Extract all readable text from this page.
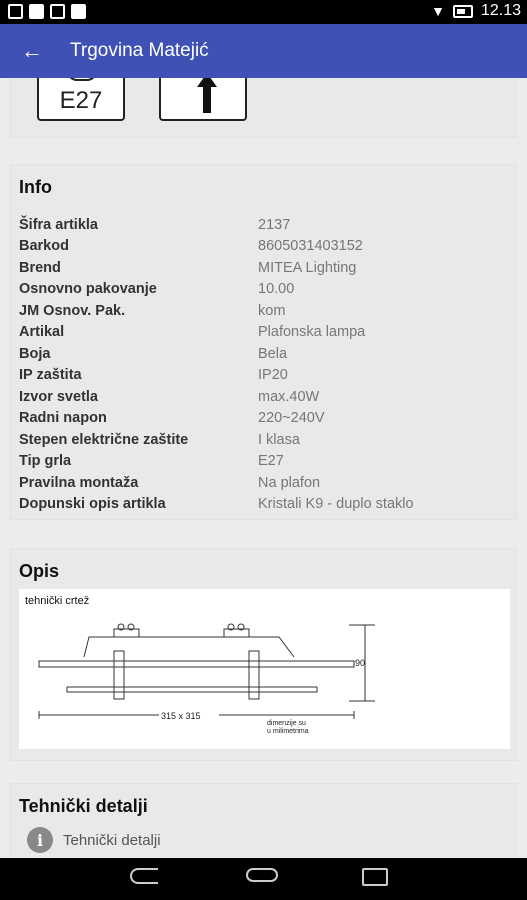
▼ 12.13
← Trgovina Matejić
E27
Info
Šifra artikla	2137
Barkod	8605031403152
Brend	MITEA Lighting
Osnovno pakovanje	10.00
JM Osnov. Pak.	kom
Artikal	Plafonska lampa
Boja	Bela
IP zaštita	IP20
Izvor svetla	max.40W
Radni napon	220~240V
Stepen električne zaštite	I klasa
Tip grla	E27
Pravilna montaža	Na plafon
Dopunski opis artikla	Kristali K9 - duplo staklo
Opis
tehnički crtež
315 x 315
90
dimenzije su
u milimetrima
Tehnički detalji
i	Tehnički detalji
